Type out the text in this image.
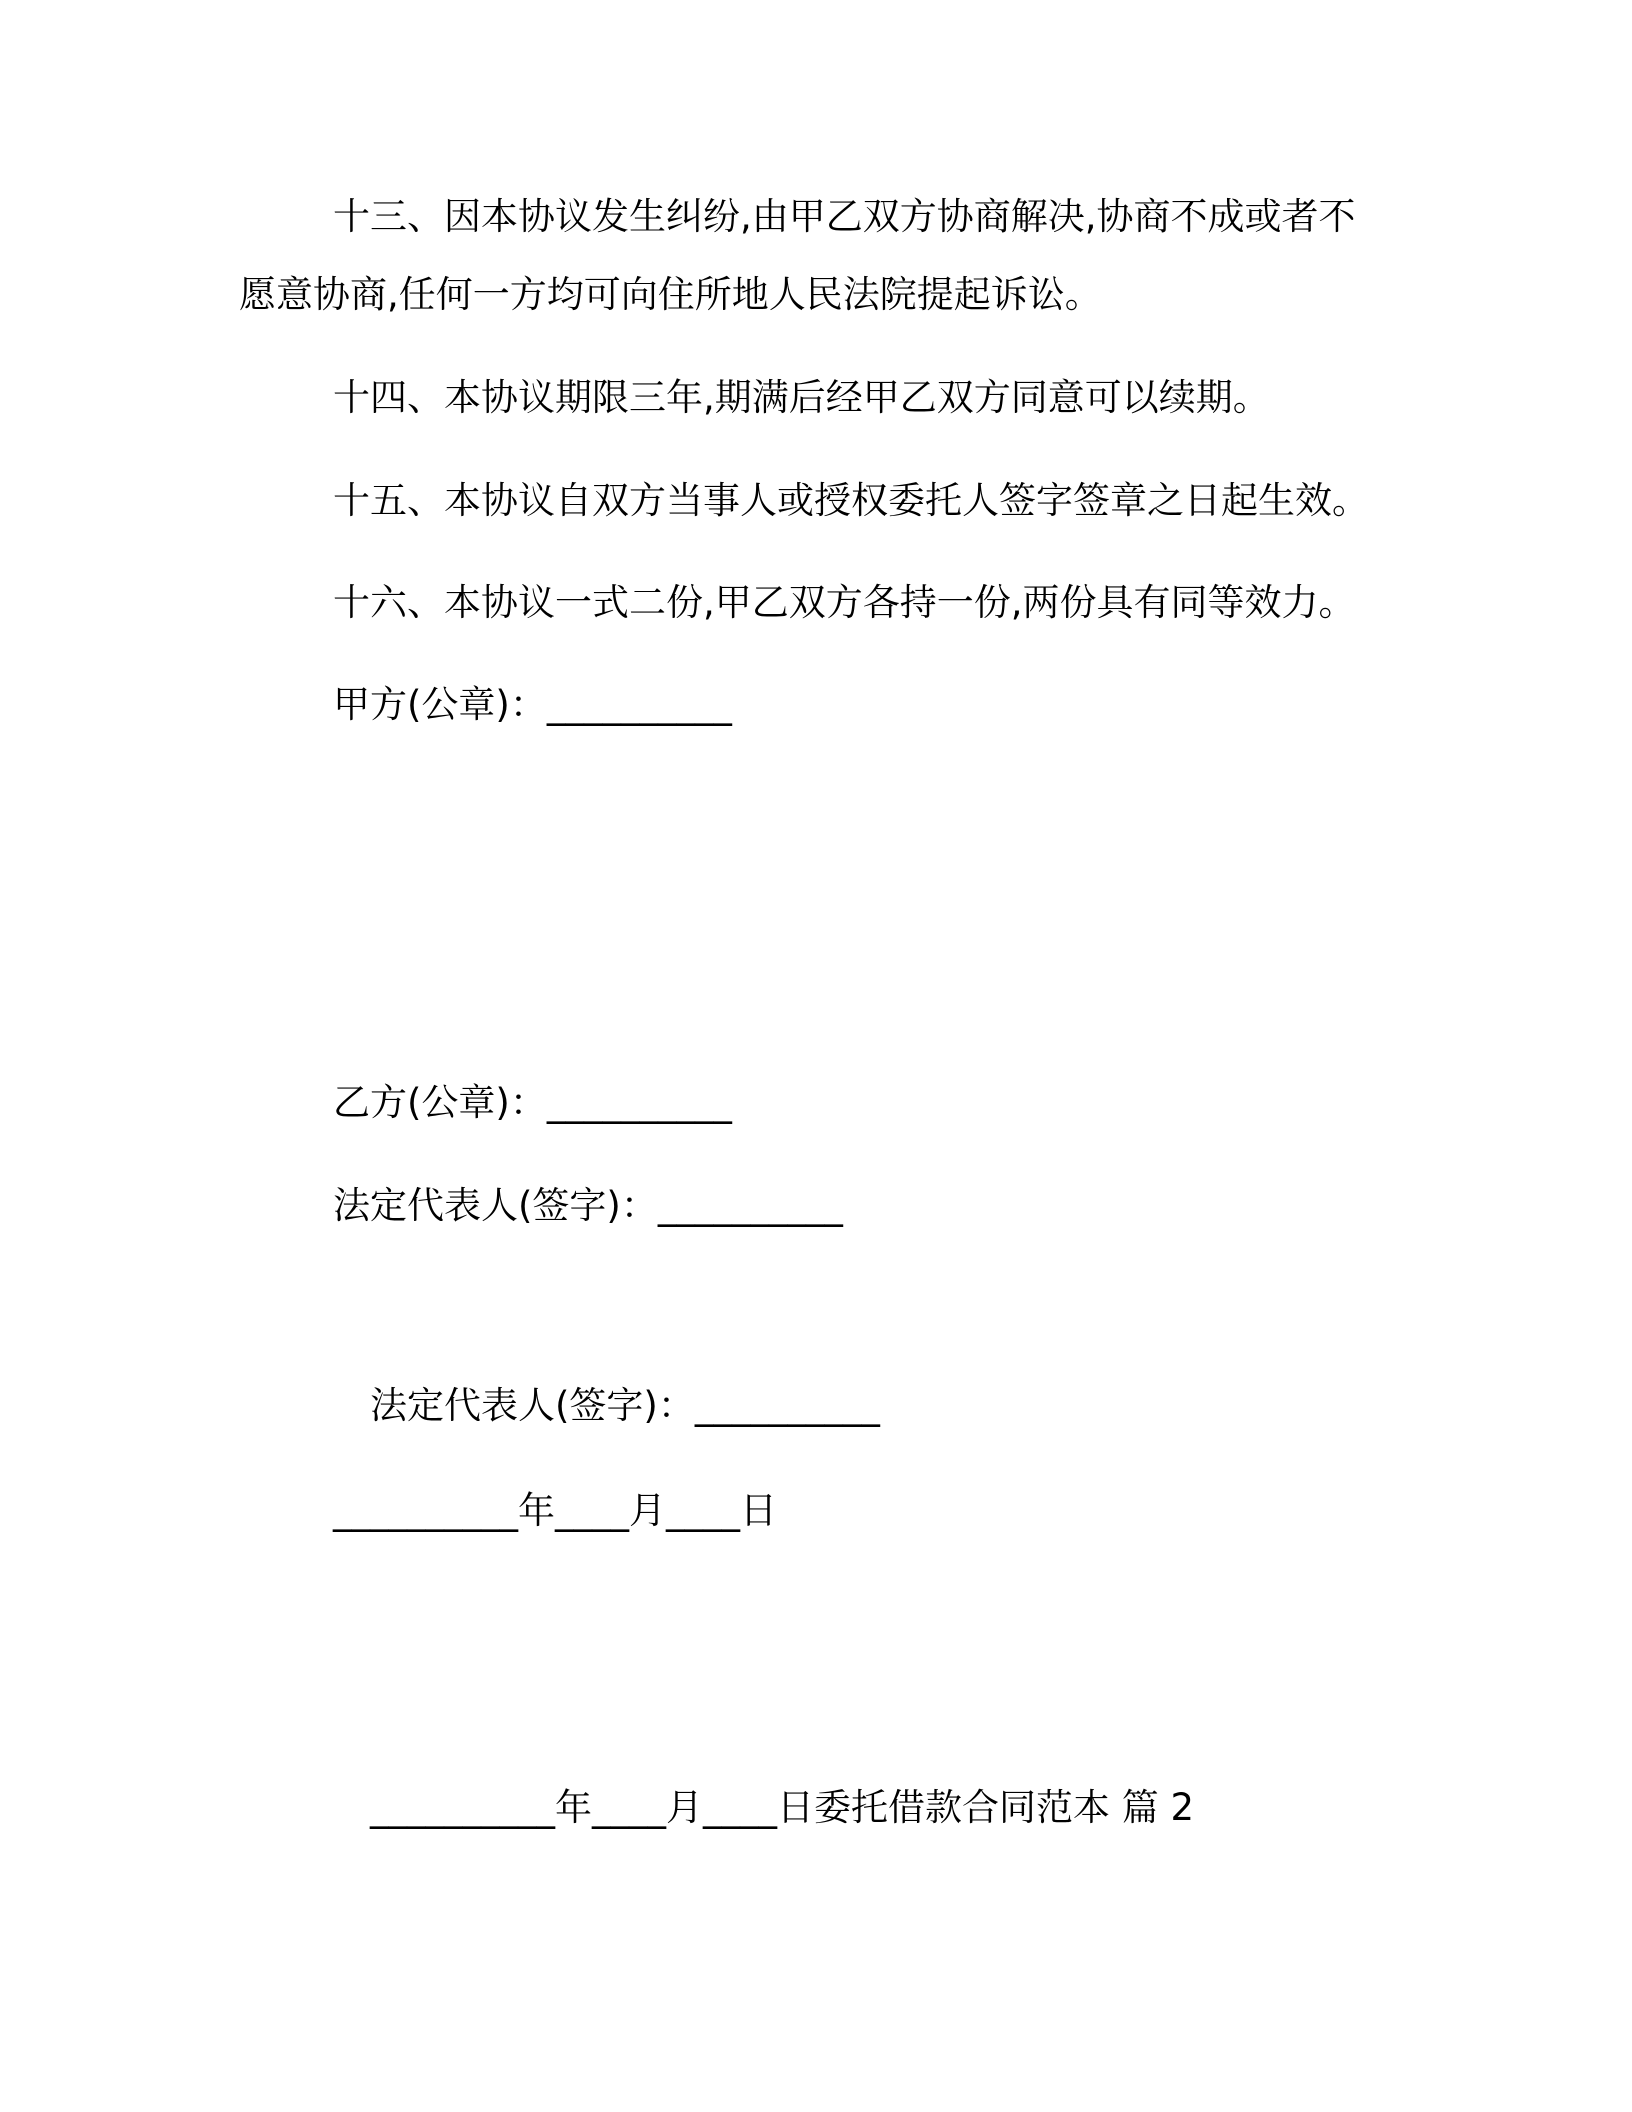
十三、因本协议发生纠纷,由甲乙双方协商解决,协商不成或者不
愿意协商,任何一方均可向住所地人民法院提起诉讼。
十四、本协议期限三年,期满后经甲乙双方同意可以续期。
十五、本协议自双方当事人或授权委托人签字签章之日起生效。
十六、本协议一式二份,甲乙双方各持一份,两份具有同等效力。
甲方(公章)：__________
乙方(公章)：__________
法定代表人(签字)：__________
法定代表人(签字)：__________
__________年____月____日
__________年____月____日委托借款合同范本 篇 2
